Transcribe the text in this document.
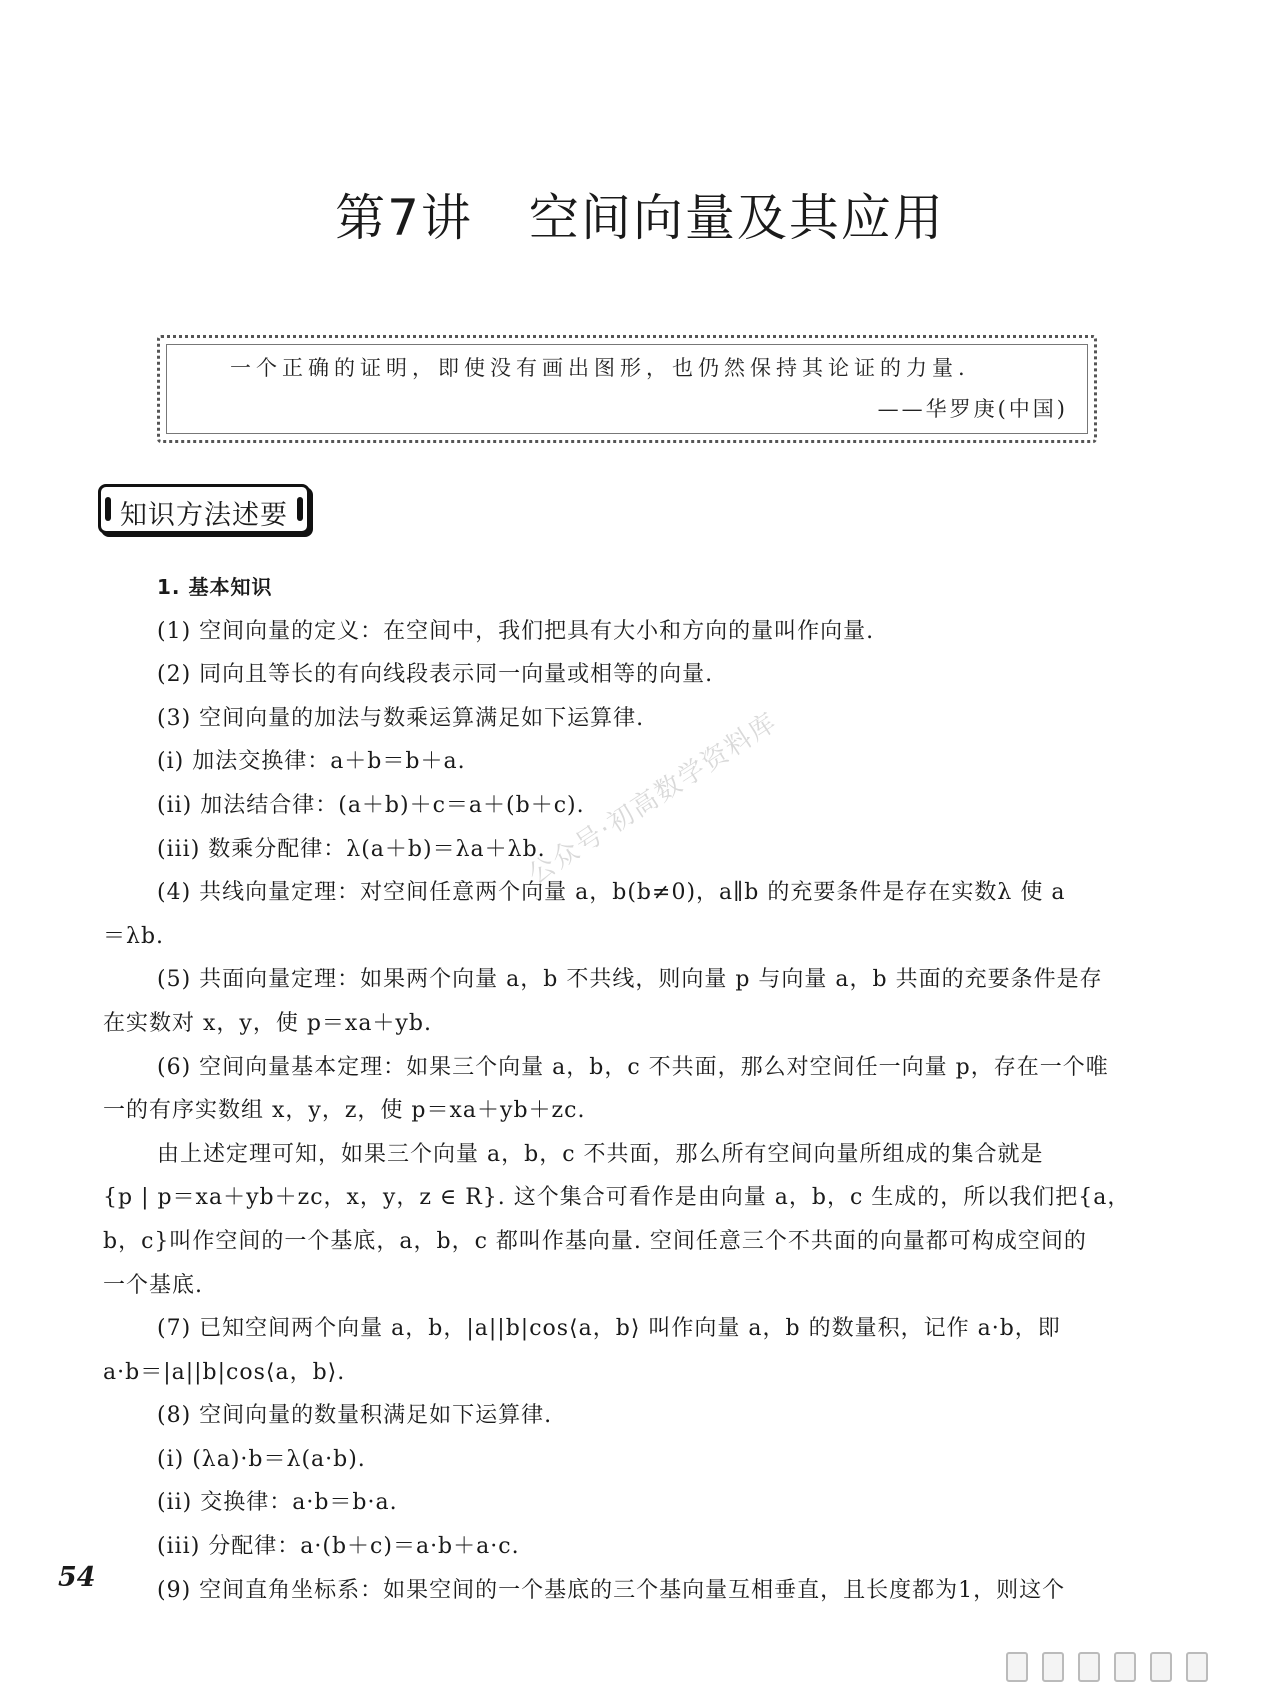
第7讲 空间向量及其应用
一个正确的证明，即使没有画出图形，也仍然保持其论证的力量.
——华罗庚(中国)
知识方法述要
1. 基本知识
(1) 空间向量的定义：在空间中，我们把具有大小和方向的量叫作向量.
(2) 同向且等长的有向线段表示同一向量或相等的向量.
(3) 空间向量的加法与数乘运算满足如下运算律.
(i) 加法交换律：a＋b＝b＋a.
(ii) 加法结合律：(a＋b)＋c＝a＋(b＋c).
(iii) 数乘分配律：λ(a＋b)＝λa＋λb.
(4) 共线向量定理：对空间任意两个向量 a，b(b≠0)，a∥b 的充要条件是存在实数λ 使 a
＝λb.
(5) 共面向量定理：如果两个向量 a，b 不共线，则向量 p 与向量 a，b 共面的充要条件是存
在实数对 x，y，使 p＝xa＋yb.
(6) 空间向量基本定理：如果三个向量 a，b，c 不共面，那么对空间任一向量 p，存在一个唯
一的有序实数组 x，y，z，使 p＝xa＋yb＋zc.
由上述定理可知，如果三个向量 a，b，c 不共面，那么所有空间向量所组成的集合就是
{p | p＝xa＋yb＋zc，x，y，z ∈ R}. 这个集合可看作是由向量 a，b，c 生成的，所以我们把{a，
b，c}叫作空间的一个基底，a，b，c 都叫作基向量. 空间任意三个不共面的向量都可构成空间的
一个基底.
(7) 已知空间两个向量 a，b，|a||b|cos⟨a，b⟩ 叫作向量 a，b 的数量积，记作 a·b，即
a·b＝|a||b|cos⟨a，b⟩.
(8) 空间向量的数量积满足如下运算律.
(i) (λa)·b＝λ(a·b).
(ii) 交换律：a·b＝b·a.
(iii) 分配律：a·(b＋c)＝a·b＋a·c.
(9) 空间直角坐标系：如果空间的一个基底的三个基向量互相垂直，且长度都为1，则这个
公众号·初高数学资料库
54
